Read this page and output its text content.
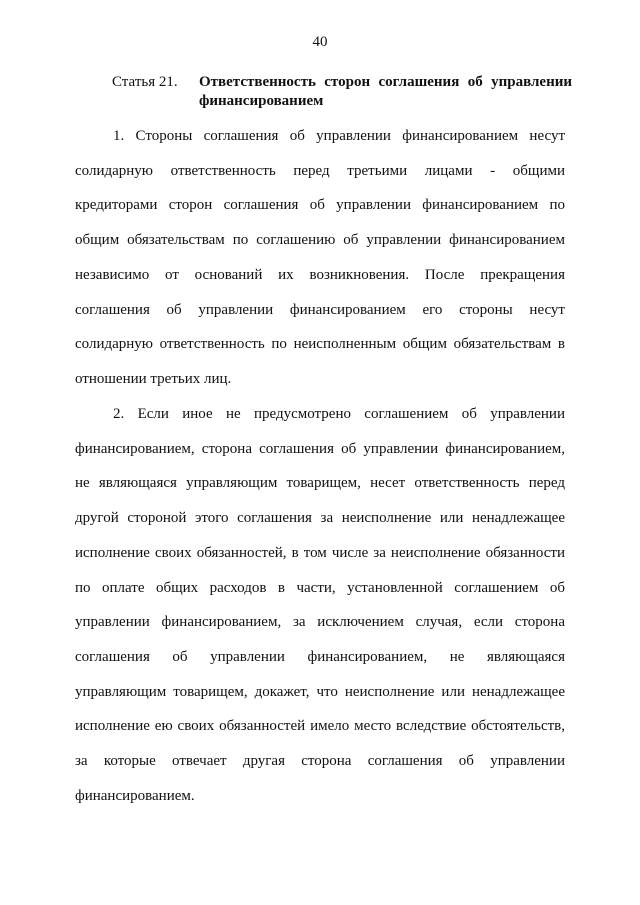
40
Статья 21. Ответственность сторон соглашения об управлении финансированием

1. Стороны соглашения об управлении финансированием несут солидарную ответственность перед третьими лицами - общими кредиторами сторон соглашения об управлении финансированием по общим обязательствам по соглашению об управлении финансированием независимо от оснований их возникновения. После прекращения соглашения об управлении финансированием его стороны несут солидарную ответственность по неисполненным общим обязательствам в отношении третьих лиц.

2. Если иное не предусмотрено соглашением об управлении финансированием, сторона соглашения об управлении финансированием, не являющаяся управляющим товарищем, несет ответственность перед другой стороной этого соглашения за неисполнение или ненадлежащее исполнение своих обязанностей, в том числе за неисполнение обязанности по оплате общих расходов в части, установленной соглашением об управлении финансированием, за исключением случая, если сторона соглашения об управлении финансированием, не являющаяся управляющим товарищем, докажет, что неисполнение или ненадлежащее исполнение ею своих обязанностей имело место вследствие обстоятельств, за которые отвечает другая сторона соглашения об управлении финансированием.
